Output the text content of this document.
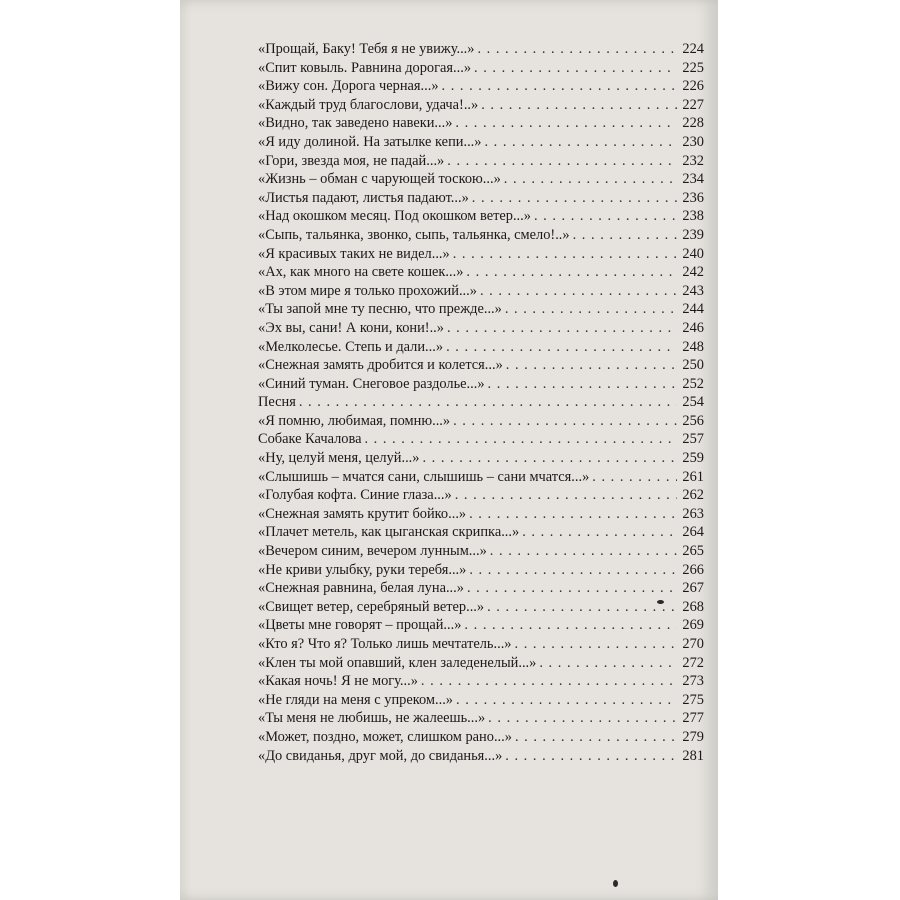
«Прощай, Баку! Тебя я не увижу...» . . .	224
«Спит ковыль. Равнина дорогая...» . . .	225
«Вижу сон. Дорога черная...» . . .	226
«Каждый труд благослови, удача!..» . . .	227
«Видно, так заведено навеки...» . . .	228
«Я иду долиной. На затылке кепи...» . . .	230
«Гори, звезда моя, не падай...» . . .	232
«Жизнь – обман с чарующей тоскою...» . . .	234
«Листья падают, листья падают...» . . .	236
«Над окошком месяц. Под окошком ветер...» . . .	238
«Сыпь, тальянка, звонко, сыпь, тальянка, смело!..» . . .	239
«Я красивых таких не видел...» . . .	240
«Ах, как много на свете кошек...» . . .	242
«В этом мире я только прохожий...» . . .	243
«Ты запой мне ту песню, что прежде...» . . .	244
«Эх вы, сани! А кони, кони!..» . . .	246
«Мелколесье. Степь и дали...» . . .	248
«Снежная замять дробится и колется...» . . .	250
«Синий туман. Снеговое раздолье...» . . .	252
Песня . . .	254
«Я помню, любимая, помню...» . . .	256
Собаке Качалова . . .	257
«Ну, целуй меня, целуй...» . . .	259
«Слышишь – мчатся сани, слышишь – сани мчатся...» . . .	261
«Голубая кофта. Синие глаза...» . . .	262
«Снежная замять крутит бойко...» . . .	263
«Плачет метель, как цыганская скрипка...» . . .	264
«Вечером синим, вечером лунным...» . . .	265
«Не криви улыбку, руки теребя...» . . .	266
«Снежная равнина, белая луна...» . . .	267
«Свищет ветер, серебряный ветер...» . . .	268
«Цветы мне говорят – прощай...» . . .	269
«Кто я? Что я? Только лишь мечтатель...» . . .	270
«Клен ты мой опавший, клен заледенелый...» . . .	272
«Какая ночь! Я не могу...» . . .	273
«Не гляди на меня с упреком...» . . .	275
«Ты меня не любишь, не жалеешь...» . . .	277
«Может, поздно, может, слишком рано...» . . .	279
«До свиданья, друг мой, до свиданья...» . . .	281
